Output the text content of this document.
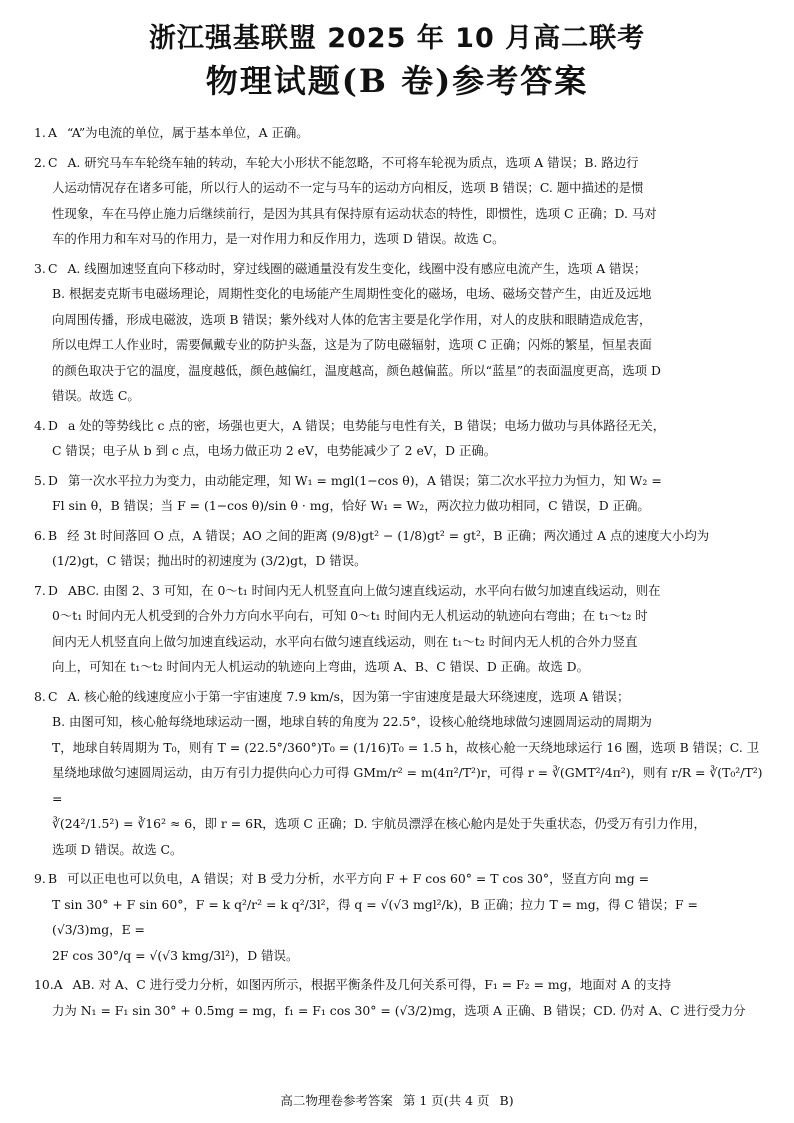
浙江强基联盟 2025 年 10 月高二联考
物理试题(B 卷)参考答案
1. A “A”为电流的单位，属于基本单位，A 正确。
2. C A. 研究马车车轮绕车轴的转动，车轮大小形状不能忽略，不可将车轮视为质点，选项 A 错误；B. 路边行
人运动情况存在诸多可能，所以行人的运动不一定与马车的运动方向相反，选项 B 错误；C. 题中描述的是惯
性现象，车在马停止施力后继续前行，是因为其具有保持原有运动状态的特性，即惯性，选项 C 正确；D. 马对
车的作用力和车对马的作用力，是一对作用力和反作用力，选项 D 错误。故选 C。
3. C A. 线圈加速竖直向下移动时，穿过线圈的磁通量没有发生变化，线圈中没有感应电流产生，选项 A 错误；
B. 根据麦克斯韦电磁场理论，周期性变化的电场能产生周期性变化的磁场，电场、磁场交替产生，由近及远地
向周围传播，形成电磁波，选项 B 错误；紫外线对人体的危害主要是化学作用，对人的皮肤和眼睛造成危害，
所以电焊工人作业时，需要佩戴专业的防护头盔，这是为了防电磁辐射，选项 C 正确；闪烁的繁星，恒星表面
的颜色取决于它的温度，温度越低，颜色越偏红，温度越高，颜色越偏蓝。所以“蓝星”的表面温度更高，选项 D
错误。故选 C。
4. D a 处的等势线比 c 点的密，场强也更大，A 错误；电势能与电性有关，B 错误；电场力做功与具体路径无关，
C 错误；电子从 b 到 c 点，电场力做正功 2 eV，电势能减少了 2 eV，D 正确。
5. D 第一次水平拉力为变力，由动能定理，知 W₁ = mgl(1−cos θ)，A 错误；第二次水平拉力为恒力，知 W₂ =
Fl sin θ，B 错误；当 F = (1−cos θ)/sin θ · mg，恰好 W₁ = W₂，两次拉力做功相同，C 错误，D 正确。
6. B 经 3t 时间落回 O 点，A 错误；AO 之间的距离 (9/8)gt² − (1/8)gt² = gt²，B 正确；两次通过 A 点的速度大小均为
(1/2)gt，C 错误；抛出时的初速度为 (3/2)gt，D 错误。
7. D ABC. 由图 2、3 可知，在 0～t₁ 时间内无人机竖直向上做匀速直线运动，水平向右做匀加速直线运动，则在
0～t₁ 时间内无人机受到的合外力方向水平向右，可知 0～t₁ 时间内无人机运动的轨迹向右弯曲；在 t₁～t₂ 时
间内无人机竖直向上做匀加速直线运动，水平向右做匀速直线运动，则在 t₁～t₂ 时间内无人机的合外力竖直
向上，可知在 t₁～t₂ 时间内无人机运动的轨迹向上弯曲，选项 A、B、C 错误、D 正确。故选 D。
8. C A. 核心舱的线速度应小于第一宇宙速度 7.9 km/s，因为第一宇宙速度是最大环绕速度，选项 A 错误；
B. 由图可知，核心舱每绕地球运动一圈，地球自转的角度为 22.5°，设核心舱绕地球做匀速圆周运动的周期为
T，地球自转周期为 T₀，则有 T = (22.5°/360°)T₀ = (1/16)T₀ = 1.5 h，故核心舱一天绕地球运行 16 圈，选项 B 错误；C. 卫
星绕地球做匀速圆周运动，由万有引力提供向心力可得 GMm/r² = m(4π²/T²)r，可得 r = ∛(GMT²/4π²)，则有 r/R = ∛(T₀²/T²) =
∛(24²/1.5²) = ∛16² ≈ 6，即 r = 6R，选项 C 正确；D. 宇航员漂浮在核心舱内是处于失重状态，仍受万有引力作用，
选项 D 错误。故选 C。
9. B 可以正电也可以负电，A 错误；对 B 受力分析，水平方向 F + F cos 60° = T cos 30°，竖直方向 mg =
T sin 30° + F sin 60°，F = k q²/r² = k q²/3l²，得 q = √(√3 mgl²/k)，B 正确；拉力 T = mg，得 C 错误；F = (√3/3)mg，E =
2F cos 30°/q = √(√3 kmg/3l²)，D 错误。
10.A AB. 对 A、C 进行受力分析，如图丙所示，根据平衡条件及几何关系可得，F₁ = F₂ = mg，地面对 A 的支持
力为 N₁ = F₁ sin 30° + 0.5mg = mg，f₁ = F₁ cos 30° = (√3/2)mg，选项 A 正确、B 错误；CD. 仍对 A、C 进行受力分
高二物理卷参考答案 第 1 页(共 4 页 B)
